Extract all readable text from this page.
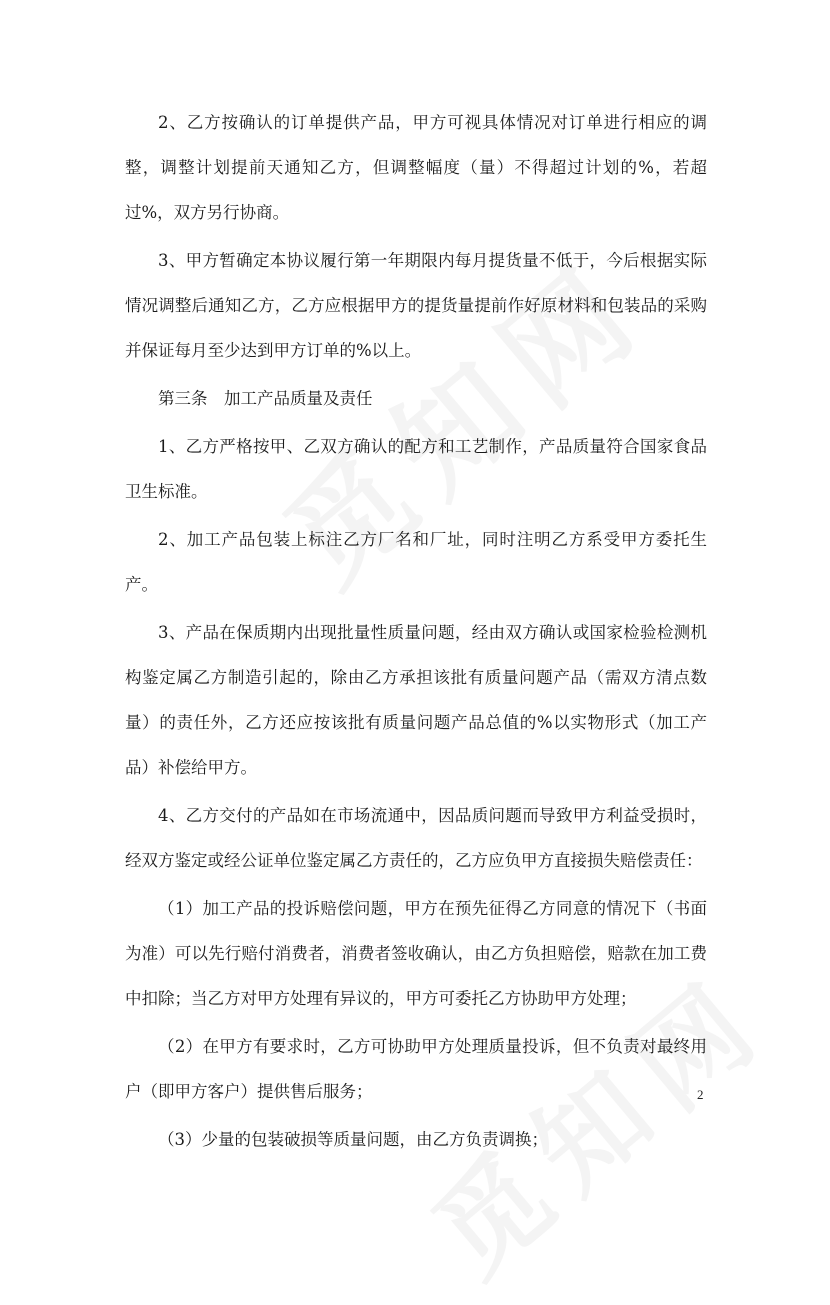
2、乙方按确认的订单提供产品，甲方可视具体情况对订单进行相应的调整，调整计划提前天通知乙方，但调整幅度（量）不得超过计划的%，若超过%，双方另行协商。

3、甲方暂确定本协议履行第一年期限内每月提货量不低于，今后根据实际情况调整后通知乙方，乙方应根据甲方的提货量提前作好原材料和包装品的采购并保证每月至少达到甲方订单的%以上。

第三条　加工产品质量及责任

1、乙方严格按甲、乙双方确认的配方和工艺制作，产品质量符合国家食品卫生标准。

2、加工产品包装上标注乙方厂名和厂址，同时注明乙方系受甲方委托生产。

3、产品在保质期内出现批量性质量问题，经由双方确认或国家检验检测机构鉴定属乙方制造引起的，除由乙方承担该批有质量问题产品（需双方清点数量）的责任外，乙方还应按该批有质量问题产品总值的%以实物形式（加工产品）补偿给甲方。

4、乙方交付的产品如在市场流通中，因品质问题而导致甲方利益受损时，经双方鉴定或经公证单位鉴定属乙方责任的，乙方应负甲方直接损失赔偿责任：

（1）加工产品的投诉赔偿问题，甲方在预先征得乙方同意的情况下（书面为准）可以先行赔付消费者，消费者签收确认，由乙方负担赔偿，赔款在加工费中扣除；当乙方对甲方处理有异议的，甲方可委托乙方协助甲方处理；

（2）在甲方有要求时，乙方可协助甲方处理质量投诉，但不负责对最终用户（即甲方客户）提供售后服务；

（3）少量的包装破损等质量问题，由乙方负责调换；

2
